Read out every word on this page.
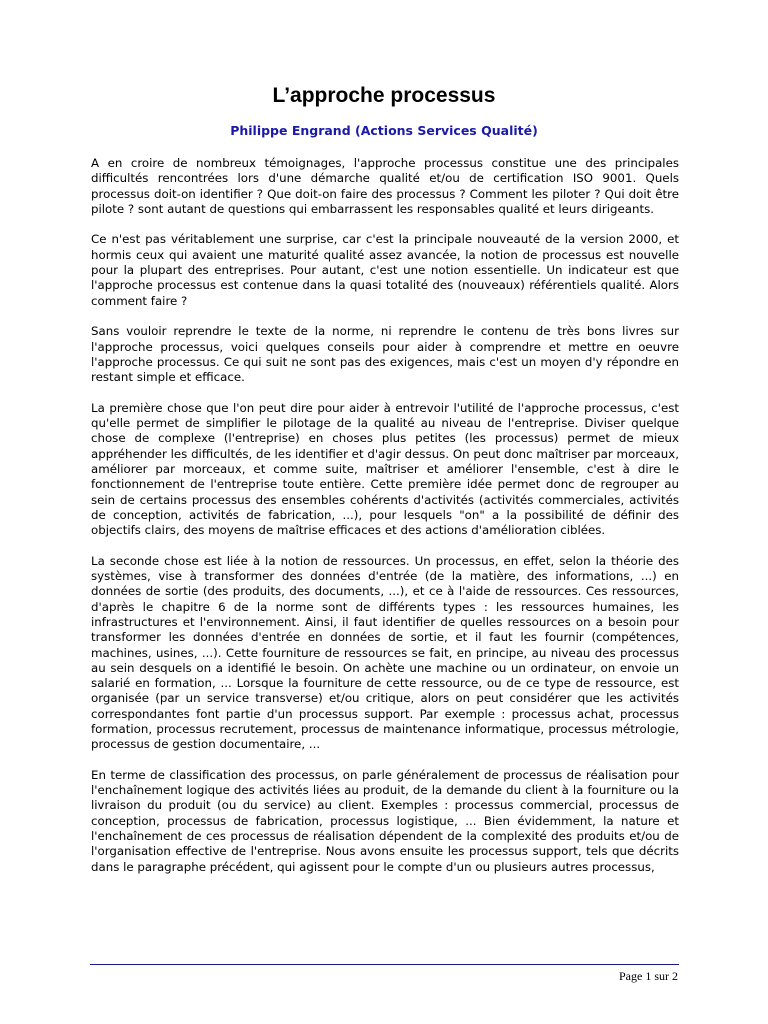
L’approche processus
Philippe Engrand (Actions Services Qualité)

A en croire de nombreux témoignages, l'approche processus constitue une des principales difficultés rencontrées lors d'une démarche qualité et/ou de certification ISO 9001. Quels processus doit-on identifier ? Que doit-on faire des processus ? Comment les piloter ? Qui doit être pilote ? sont autant de questions qui embarrassent les responsables qualité et leurs dirigeants.

Ce n'est pas véritablement une surprise, car c'est la principale nouveauté de la version 2000, et hormis ceux qui avaient une maturité qualité assez avancée, la notion de processus est nouvelle pour la plupart des entreprises. Pour autant, c'est une notion essentielle. Un indicateur est que l'approche processus est contenue dans la quasi totalité des (nouveaux) référentiels qualité. Alors comment faire ?

Sans vouloir reprendre le texte de la norme, ni reprendre le contenu de très bons livres sur l'approche processus, voici quelques conseils pour aider à comprendre et mettre en oeuvre l'approche processus. Ce qui suit ne sont pas des exigences, mais c'est un moyen d'y répondre en restant simple et efficace.

La première chose que l'on peut dire pour aider à entrevoir l'utilité de l'approche processus, c'est qu'elle permet de simplifier le pilotage de la qualité au niveau de l'entreprise. Diviser quelque chose de complexe (l'entreprise) en choses plus petites (les processus) permet de mieux appréhender les difficultés, de les identifier et d'agir dessus. On peut donc maîtriser par morceaux, améliorer par morceaux, et comme suite, maîtriser et améliorer l'ensemble, c'est à dire le fonctionnement de l'entreprise toute entière. Cette première idée permet donc de regrouper au sein de certains processus des ensembles cohérents d'activités (activités commerciales, activités de conception, activités de fabrication, ...), pour lesquels "on" a la possibilité de définir des objectifs clairs, des moyens de maîtrise efficaces et des actions d'amélioration ciblées.

La seconde chose est liée à la notion de ressources. Un processus, en effet, selon la théorie des systèmes, vise à transformer des données d'entrée (de la matière, des informations, ...) en données de sortie (des produits, des documents, ...), et ce à l'aide de ressources. Ces ressources, d'après le chapitre 6 de la norme sont de différents types : les ressources humaines, les infrastructures et l'environnement. Ainsi, il faut identifier de quelles ressources on a besoin pour transformer les données d'entrée en données de sortie, et il faut les fournir (compétences, machines, usines, ...). Cette fourniture de ressources se fait, en principe, au niveau des processus au sein desquels on a identifié le besoin. On achète une machine ou un ordinateur, on envoie un salarié en formation, ... Lorsque la fourniture de cette ressource, ou de ce type de ressource, est organisée (par un service transverse) et/ou critique, alors on peut considérer que les activités correspondantes font partie d'un processus support. Par exemple : processus achat, processus formation, processus recrutement, processus de maintenance informatique, processus métrologie, processus de gestion documentaire, ...

En terme de classification des processus, on parle généralement de processus de réalisation pour l'enchaînement logique des activités liées au produit, de la demande du client à la fourniture ou la livraison du produit (ou du service) au client. Exemples : processus commercial, processus de conception, processus de fabrication, processus logistique, ... Bien évidemment, la nature et l'enchaînement de ces processus de réalisation dépendent de la complexité des produits et/ou de l'organisation effective de l'entreprise. Nous avons ensuite les processus support, tels que décrits dans le paragraphe précédent, qui agissent pour le compte d'un ou plusieurs autres processus,

Page 1 sur 2
